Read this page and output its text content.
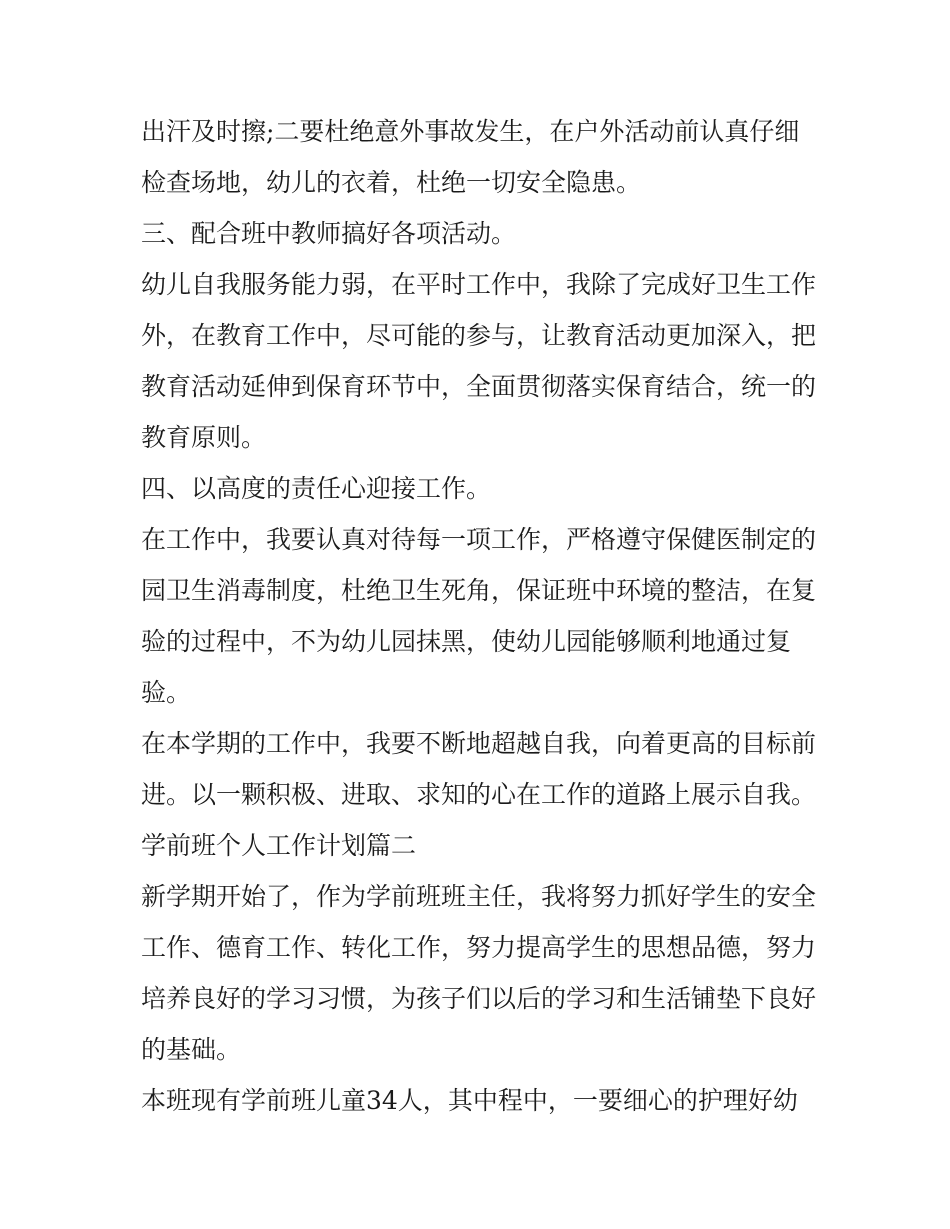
出汗及时擦;二要杜绝意外事故发生，在户外活动前认真仔细
检查场地，幼儿的衣着，杜绝一切安全隐患。
三、配合班中教师搞好各项活动。
幼儿自我服务能力弱，在平时工作中，我除了完成好卫生工作
外，在教育工作中，尽可能的参与，让教育活动更加深入，把
教育活动延伸到保育环节中，全面贯彻落实保育结合，统一的
教育原则。
四、以高度的责任心迎接工作。
在工作中，我要认真对待每一项工作，严格遵守保健医制定的
园卫生消毒制度，杜绝卫生死角，保证班中环境的整洁，在复
验的过程中，不为幼儿园抹黑，使幼儿园能够顺利地通过复
验。
在本学期的工作中，我要不断地超越自我，向着更高的目标前
进。以一颗积极、进取、求知的心在工作的道路上展示自我。
学前班个人工作计划篇二
新学期开始了，作为学前班班主任，我将努力抓好学生的安全
工作、德育工作、转化工作，努力提高学生的思想品德，努力
培养良好的学习习惯，为孩子们以后的学习和生活铺垫下良好
的基础。
本班现有学前班儿童34人，其中程中，一要细心的护理好幼
